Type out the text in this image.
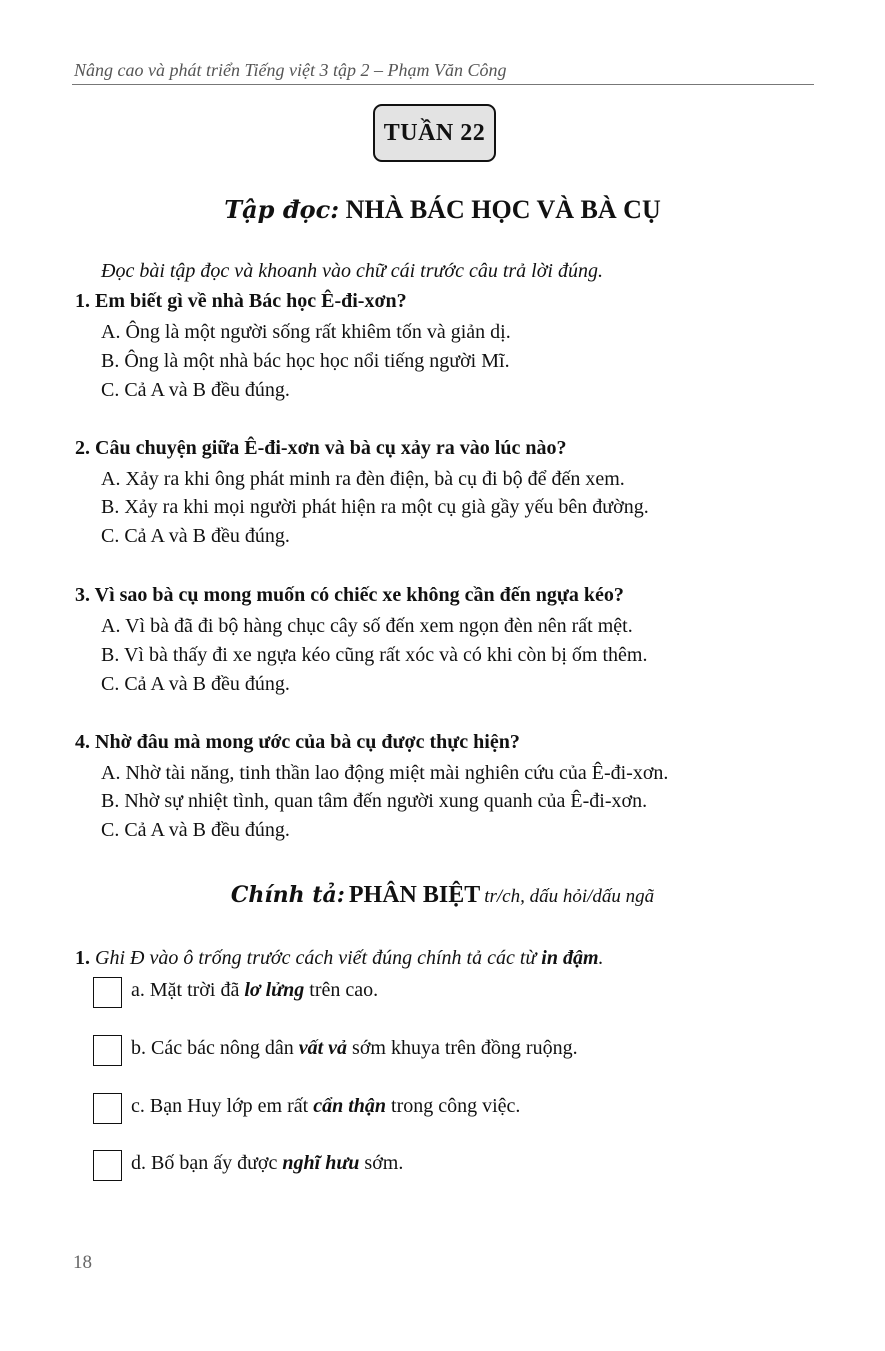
Nâng cao và phát triển Tiếng việt 3 tập 2 – Phạm Văn Công
TUẦN 22
Tập đọc: NHÀ BÁC HỌC VÀ BÀ CỤ
Đọc bài tập đọc và khoanh vào chữ cái trước câu trả lời đúng.
1. Em biết gì về nhà Bác học Ê-đi-xơn?
A. Ông là một người sống rất khiêm tốn và giản dị.
B. Ông là một nhà bác học học nổi tiếng người Mĩ.
C. Cả A và B đều đúng.
2. Câu chuyện giữa Ê-đi-xơn và bà cụ xảy ra vào lúc nào?
A. Xảy ra khi ông phát minh ra đèn điện, bà cụ đi bộ để đến xem.
B. Xảy ra khi mọi người phát hiện ra một cụ già gầy yếu bên đường.
C. Cả A và B đều đúng.
3. Vì sao bà cụ mong muốn có chiếc xe không cần đến ngựa kéo?
A. Vì bà đã đi bộ hàng chục cây số đến xem ngọn đèn nên rất mệt.
B. Vì bà thấy đi xe ngựa kéo cũng rất xóc và có khi còn bị ốm thêm.
C. Cả A và B đều đúng.
4. Nhờ đâu mà mong ước của bà cụ được thực hiện?
A. Nhờ tài năng, tinh thần lao động miệt mài nghiên cứu của Ê-đi-xơn.
B. Nhờ sự nhiệt tình, quan tâm đến người xung quanh của Ê-đi-xơn.
C. Cả A và B đều đúng.
Chính tả: PHÂN BIỆT tr/ch, dấu hỏi/dấu ngã
1. Ghi Đ vào ô trống trước cách viết đúng chính tả các từ in đậm.
a. Mặt trời đã lơ lửng trên cao.
b. Các bác nông dân vất vả sớm khuya trên đồng ruộng.
c. Bạn Huy lớp em rất cẩn thận trong công việc.
d. Bố bạn ấy được nghĩ hưu sớm.
18
